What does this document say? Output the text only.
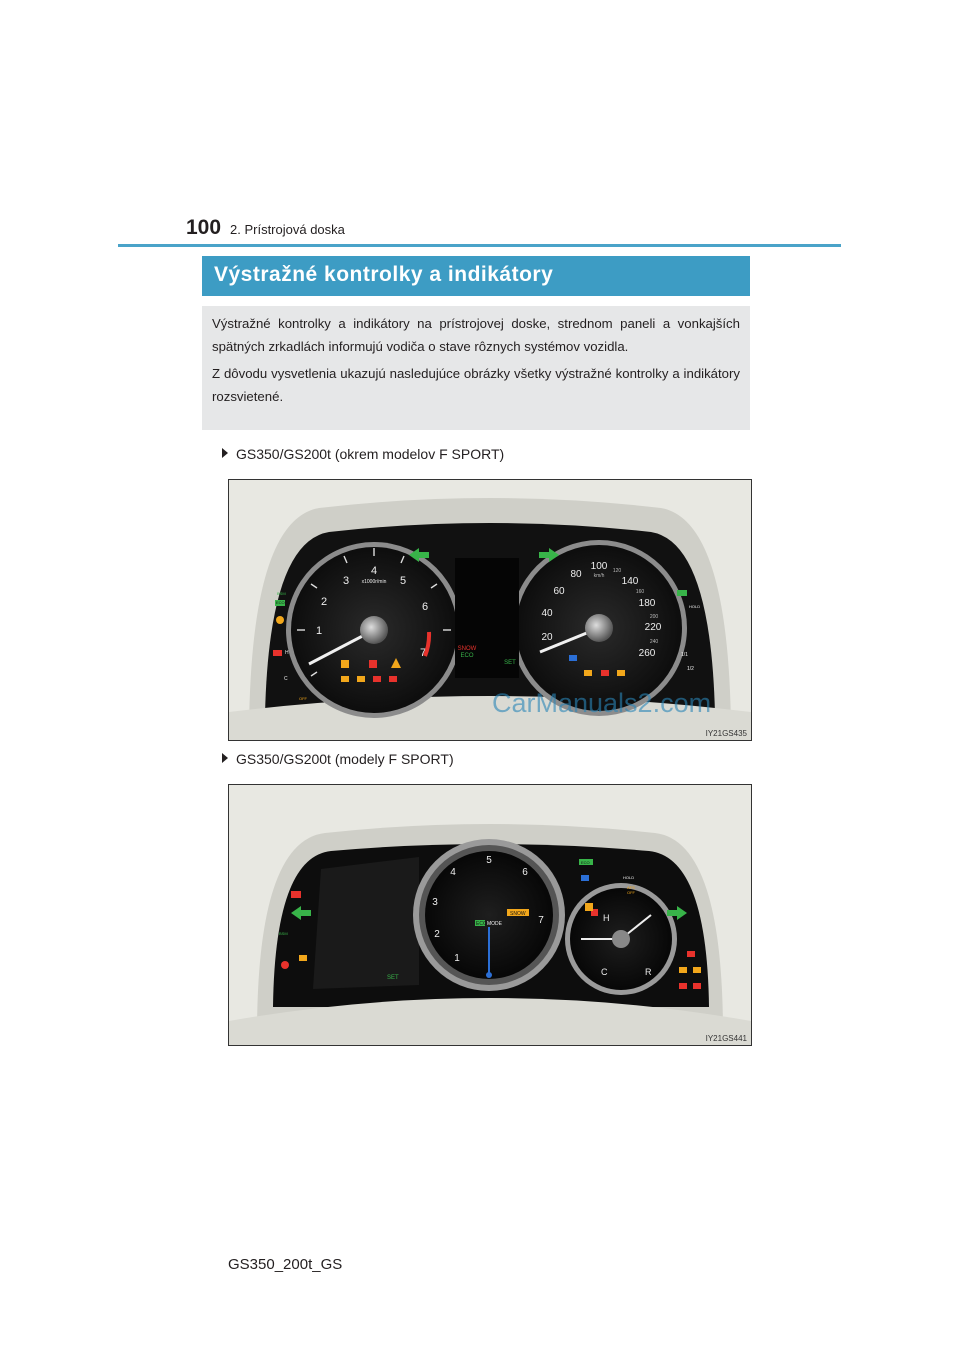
100 2. Prístrojová doska
Výstražné kontrolky a indikátory

Výstražné kontrolky a indikátory na prístrojovej doske, strednom paneli a vonkajších spätných zrkadlách informujú vodiča o stave rôznych systémov vozidla.

Z dôvodu vysvetlenia ukazujú nasledujúce obrázky všetky výstražné kontrolky a indikátory rozsvietené.

GS350/GS200t (okrem modelov F SPORT)
1
2
3
4
5
6
7
x1000r/min
20
40
60
80
100
140
180
220
260
120
160
200
240
km/h
SNOW
ECO
SET
BSM
ECO
H
C
OFF
HOLD
1/1
1/2
IY21GS435
CarManuals2.com
GS350/GS200t (modely F SPORT)
SET
1
2
3
4
5
6
7
ECO MODE
SNOW	H
C	R
ECO
HOLD
AFS
OFF
BSM
IY21GS441
GS350_200t_GS
